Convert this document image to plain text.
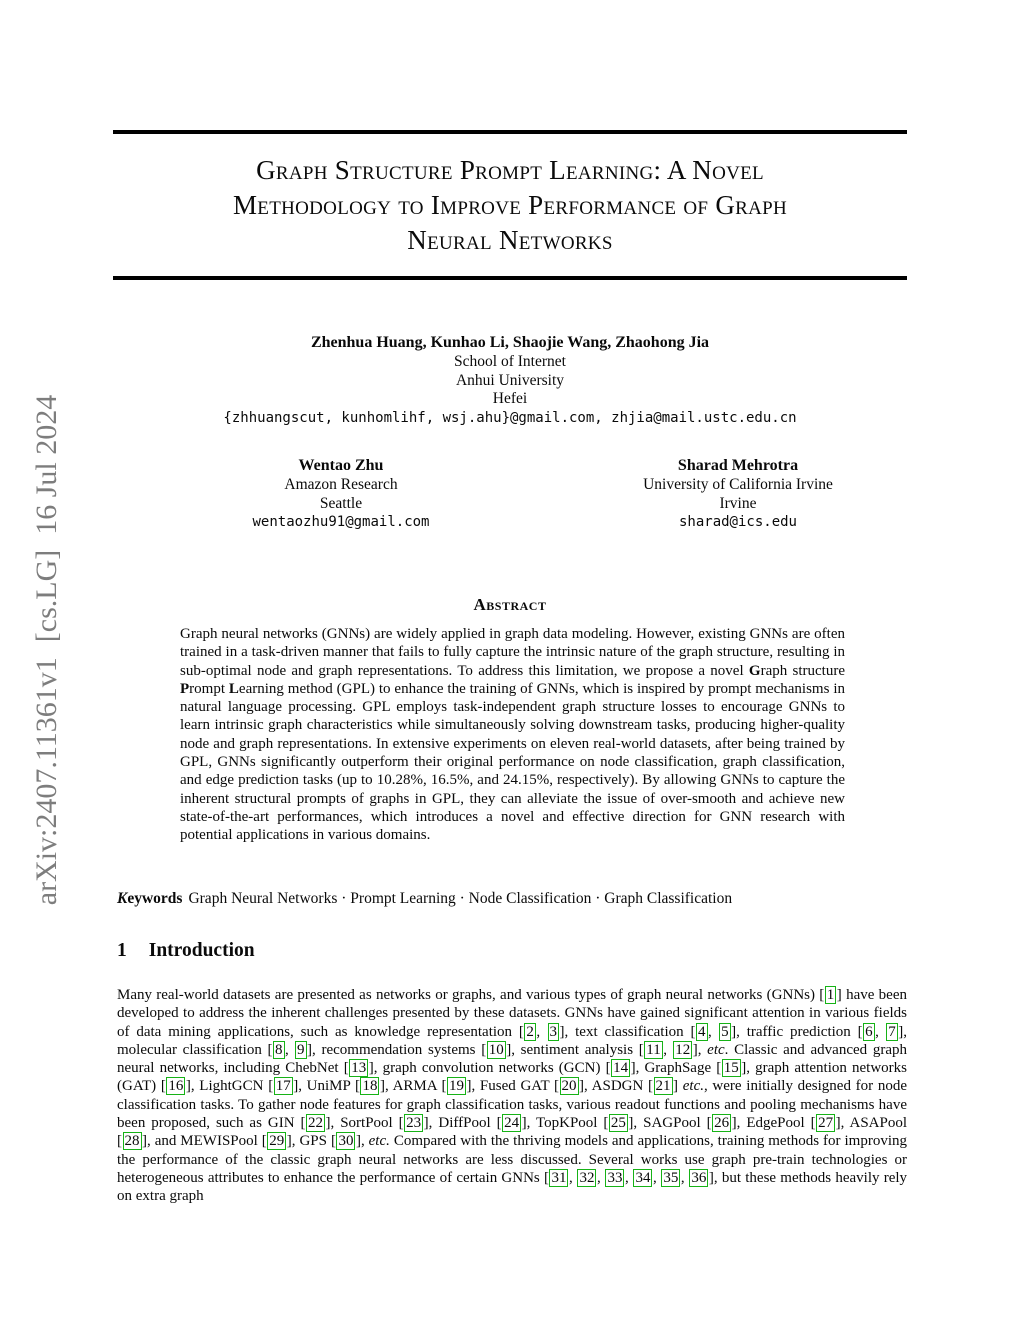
arXiv:2407.11361v1  [cs.LG]  16 Jul 2024
Graph Structure Prompt Learning: A Novel
Methodology to Improve Performance of Graph
Neural Networks
Zhenhua Huang, Kunhao Li, Shaojie Wang, Zhaohong Jia
School of Internet
Anhui University
Hefei
{zhhuangscut, kunhomlihf, wsj.ahu}@gmail.com, zhjia@mail.ustc.edu.cn
Wentao Zhu
Amazon Research
Seattle
wentaozhu91@gmail.com
Sharad Mehrotra
University of California Irvine
Irvine
sharad@ics.edu
Abstract
Graph neural networks (GNNs) are widely applied in graph data modeling. However, existing GNNs are often trained in a task-driven manner that fails to fully capture the intrinsic nature of the graph structure, resulting in sub-optimal node and graph representations. To address this limitation, we propose a novel Graph structure Prompt Learning method (GPL) to enhance the training of GNNs, which is inspired by prompt mechanisms in natural language processing. GPL employs task-independent graph structure losses to encourage GNNs to learn intrinsic graph characteristics while simultaneously solving downstream tasks, producing higher-quality node and graph representations. In extensive experiments on eleven real-world datasets, after being trained by GPL, GNNs significantly outperform their original performance on node classification, graph classification, and edge prediction tasks (up to 10.28%, 16.5%, and 24.15%, respectively). By allowing GNNs to capture the inherent structural prompts of graphs in GPL, they can alleviate the issue of over-smooth and achieve new state-of-the-art performances, which introduces a novel and effective direction for GNN research with potential applications in various domains.
Keywords Graph Neural Networks · Prompt Learning · Node Classification · Graph Classification
1 Introduction
Many real-world datasets are presented as networks or graphs, and various types of graph neural networks (GNNs) [ 1 ] have been developed to address the inherent challenges presented by these datasets. GNNs have gained significant attention in various fields of data mining applications, such as knowledge representation [ 2 , 3 ], text classification [ 4 , 5 ], traffic prediction [ 6 , 7 ], molecular classification [ 8 , 9 ], recommendation systems [ 10 ], sentiment analysis [ 11 , 12 ], etc. Classic and advanced graph neural networks, including ChebNet [ 13 ], graph convolution networks (GCN) [ 14 ], GraphSage [ 15 ], graph attention networks (GAT) [ 16 ], LightGCN [ 17 ], UniMP [ 18 ], ARMA [ 19 ], Fused GAT [ 20 ], ASDGN [ 21 ] etc., were initially designed for node classification tasks. To gather node features for graph classification tasks, various readout functions and pooling mechanisms have been proposed, such as GIN [ 22 ], SortPool [ 23 ], DiffPool [ 24 ], TopKPool [ 25 ], SAGPool [ 26 ], EdgePool [ 27 ], ASAPool [ 28 ], and MEWISPool [ 29 ], GPS [ 30 ], etc. Compared with the thriving models and applications, training methods for improving the performance of the classic graph neural networks are less discussed. Several works use graph pre-train technologies or heterogeneous attributes to enhance the performance of certain GNNs [ 31 , 32 , 33 , 34 , 35 , 36 ], but these methods heavily rely on extra graph
